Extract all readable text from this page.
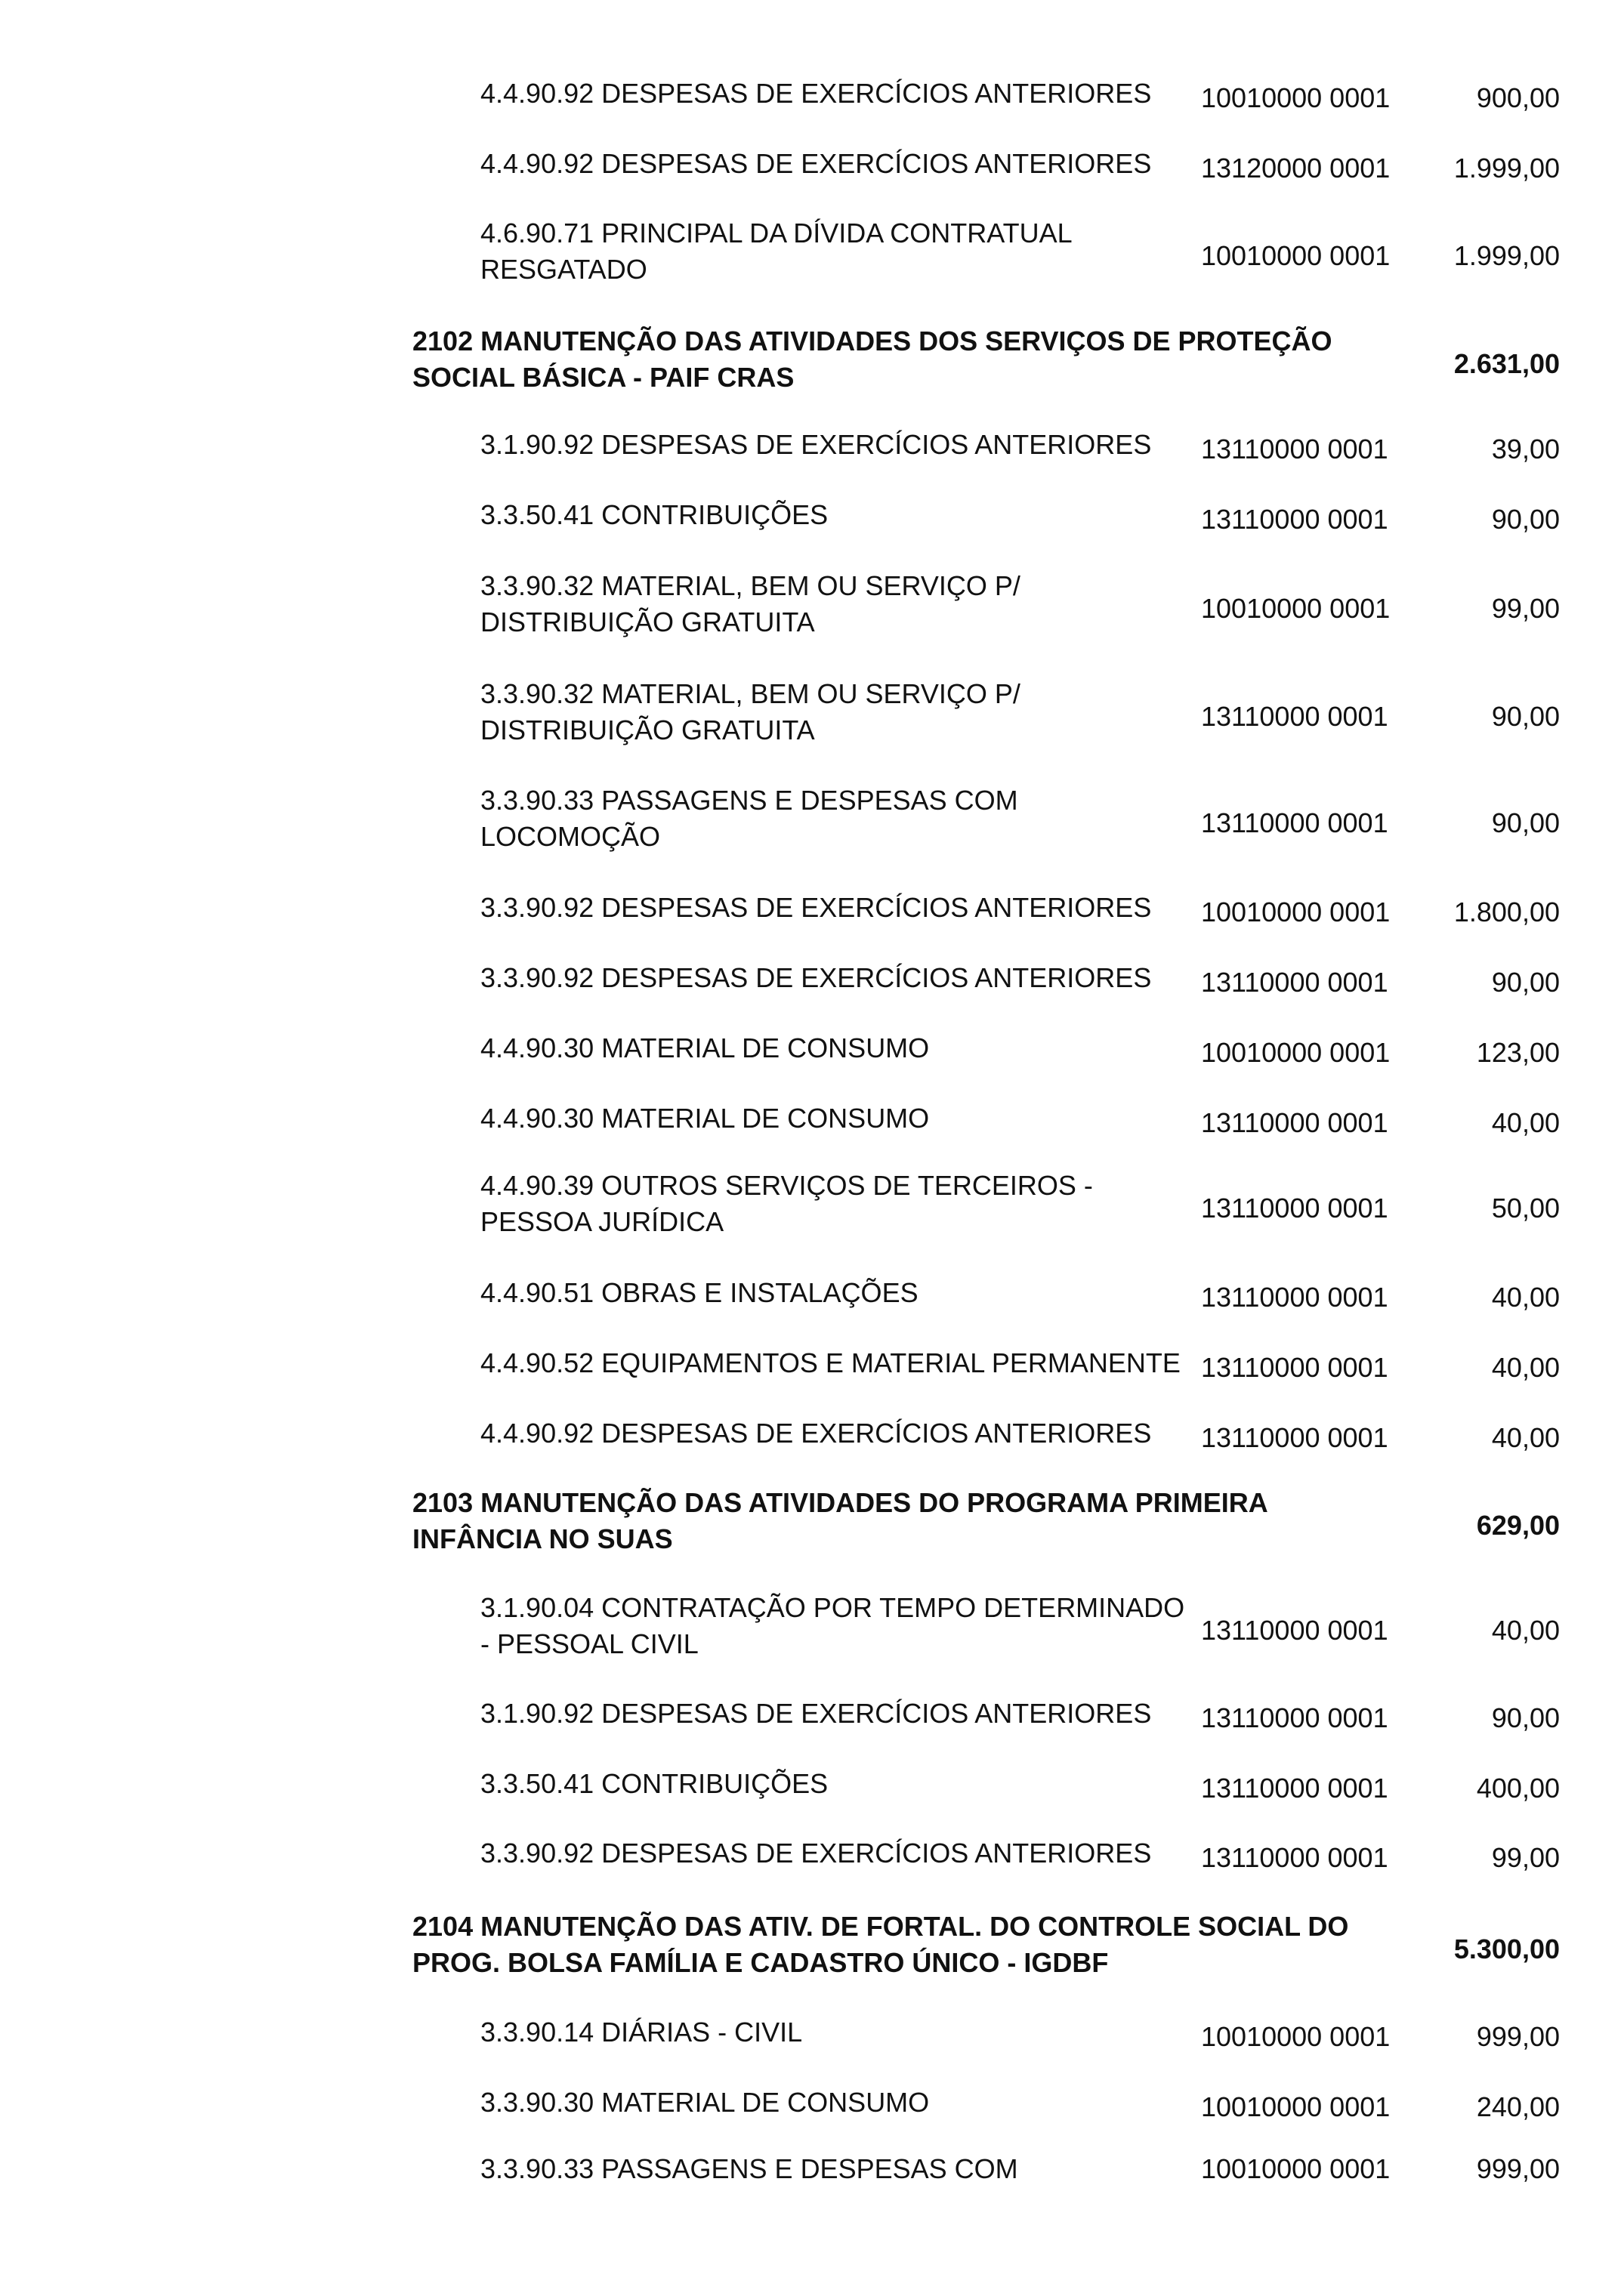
4.4.90.92 DESPESAS DE EXERCÍCIOS ANTERIORES	10010000 0001	900,00
4.4.90.92 DESPESAS DE EXERCÍCIOS ANTERIORES	13120000 0001 1.999,00
4.6.90.71 PRINCIPAL DA DÍVIDA CONTRATUAL RESGATADO	10010000 0001 1.999,00
2102 MANUTENÇÃO DAS ATIVIDADES DOS SERVIÇOS DE PROTEÇÃO SOCIAL BÁSICA - PAIF CRAS	2.631,00
3.1.90.92 DESPESAS DE EXERCÍCIOS ANTERIORES	13110000 0001	39,00
3.3.50.41 CONTRIBUIÇÕES	13110000 0001	90,00
3.3.90.32 MATERIAL, BEM OU SERVIÇO P/ DISTRIBUIÇÃO GRATUITA	10010000 0001	99,00
3.3.90.32 MATERIAL, BEM OU SERVIÇO P/ DISTRIBUIÇÃO GRATUITA	13110000 0001	90,00
3.3.90.33 PASSAGENS E DESPESAS COM LOCOMOÇÃO	13110000 0001	90,00
3.3.90.92 DESPESAS DE EXERCÍCIOS ANTERIORES	10010000 0001 1.800,00
3.3.90.92 DESPESAS DE EXERCÍCIOS ANTERIORES	13110000 0001	90,00
4.4.90.30 MATERIAL DE CONSUMO	10010000 0001	123,00
4.4.90.30 MATERIAL DE CONSUMO	13110000 0001	40,00
4.4.90.39 OUTROS SERVIÇOS DE TERCEIROS - PESSOA JURÍDICA	13110000 0001	50,00
4.4.90.51 OBRAS E INSTALAÇÕES	13110000 0001	40,00
4.4.90.52 EQUIPAMENTOS E MATERIAL PERMANENTE 13110000 0001	40,00
4.4.90.92 DESPESAS DE EXERCÍCIOS ANTERIORES	13110000 0001	40,00
2103 MANUTENÇÃO DAS ATIVIDADES DO PROGRAMA PRIMEIRA INFÂNCIA NO SUAS	629,00
3.1.90.04 CONTRATAÇÃO POR TEMPO DETERMINADO - PESSOAL CIVIL	13110000 0001	40,00
3.1.90.92 DESPESAS DE EXERCÍCIOS ANTERIORES	13110000 0001	90,00
3.3.50.41 CONTRIBUIÇÕES	13110000 0001	400,00
3.3.90.92 DESPESAS DE EXERCÍCIOS ANTERIORES	13110000 0001	99,00
2104 MANUTENÇÃO DAS ATIV. DE FORTAL. DO CONTROLE SOCIAL DO PROG. BOLSA FAMÍLIA E CADASTRO ÚNICO - IGDBF	5.300,00
3.3.90.14 DIÁRIAS - CIVIL	10010000 0001	999,00
3.3.90.30 MATERIAL DE CONSUMO	10010000 0001	240,00
3.3.90.33 PASSAGENS E DESPESAS COM	10010000 0001	999,00
